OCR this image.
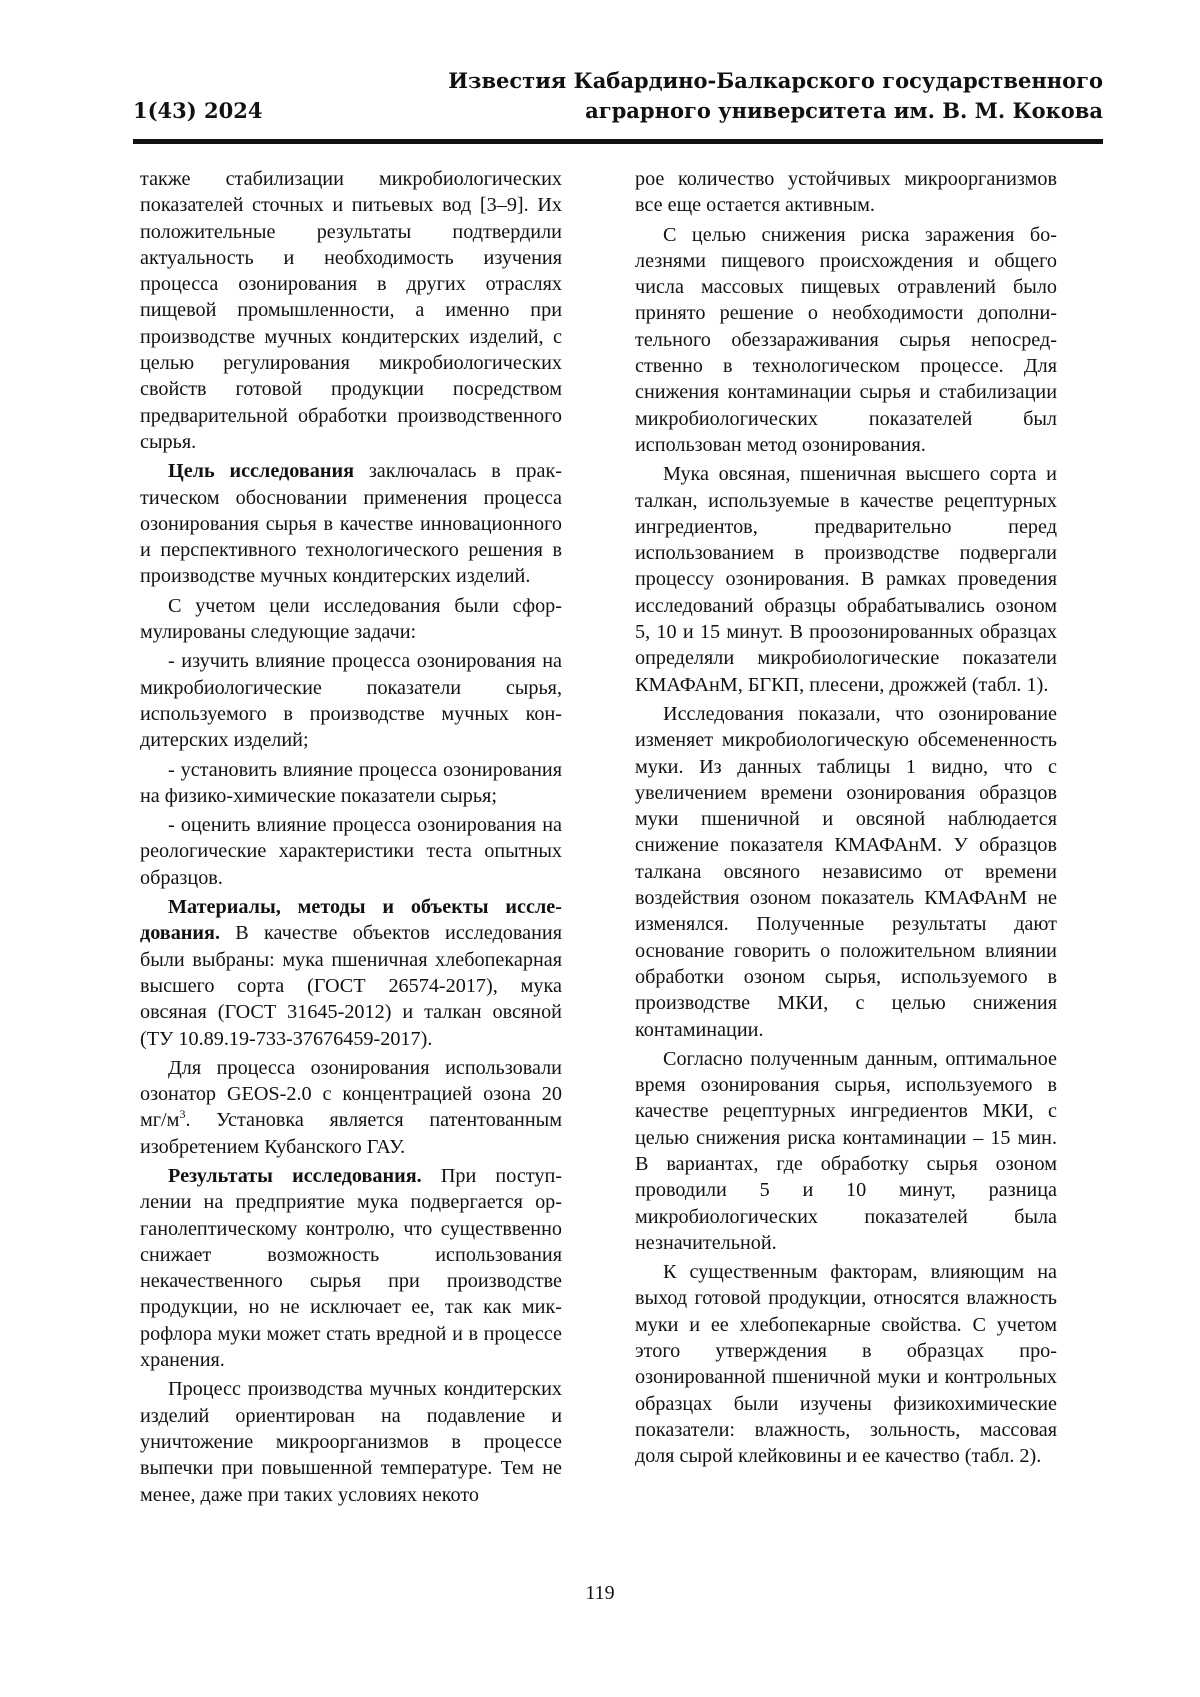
Известия Кабардино-Балкарского государственного
аграрного университета им. В. М. Кокова
1(43) 2024

также стабилизации микробиологических показателей сточных и питьевых вод [3–9]. Их положительные результаты подтвердили актуальность и необходимость изучения процесса озонирования в других отраслях пищевой промышленности, а именно при производстве мучных кондитерских изделий, с целью регулирования микробиологических свойств готовой продукции посредством предварительной обработки производственного сырья.

Цель исследования заключалась в практическом обосновании применения процесса озонирования сырья в качестве инновационного и перспективного технологического решения в производстве мучных кондитерских изделий.

С учетом цели исследования были сформулированы следующие задачи:

- изучить влияние процесса озонирования на микробиологические показатели сырья, используемого в производстве мучных кондитерских изделий;

- установить влияние процесса озонирования на физико-химические показатели сырья;

- оценить влияние процесса озонирования на реологические характеристики теста опытных образцов.

Материалы, методы и объекты исследования. В качестве объектов исследования были выбраны: мука пшеничная хлебопекарная высшего сорта (ГОСТ 26574-2017), мука овсяная (ГОСТ 31645-2012) и талкан овсяной (ТУ 10.89.19-733-37676459-2017).

Для процесса озонирования использовали озонатор GEOS-2.0 с концентрацией озона 20 $мг/м^3$. Установка является патентованным изобретением Кубанского ГАУ.

Результаты исследования. При поступлении на предприятие мука подвергается органолептическому контролю, что существвенно снижает возможность использования некачественного сырья при производстве продукции, но не исключает ее, так как микрофлора муки может стать вредной и в процессе хранения.

Процесс производства мучных кондитерских изделий ориентирован на подавление и уничтожение микроорганизмов в процессе выпечки при повышенной температуре. Тем не менее, даже при таких условиях некото

рое количество устойчивых микроорганизмов все еще остается активным.

С целью снижения риска заражения болезнями пищевого происхождения и общего числа массовых пищевых отравлений было принято решение о необходимости дополнительного обеззараживания сырья непосредственно в технологическом процессе. Для снижения контаминации сырья и стабилизации микробиологических показателей был использован метод озонирования.

Мука овсяная, пшеничная высшего сорта и талкан, используемые в качестве рецептурных ингредиентов, предварительно перед использованием в производстве подвергали процессу озонирования. В рамках проведения исследований образцы обрабатывались озоном 5, 10 и 15 минут. В проозонированных образцах определяли микробиологические показатели КМАФАнМ, БГКП, плесени, дрожжей (табл. 1).

Исследования показали, что озонирование изменяет микробиологическую обсемененность муки. Из данных таблицы 1 видно, что с увеличением времени озонирования образцов муки пшеничной и овсяной наблюдается снижение показателя КМАФАнМ. У образцов талкана овсяного независимо от времени воздействия озоном показатель КМАФАнМ не изменялся. Полученные результаты дают основание говорить о положительном влиянии обработки озоном сырья, используемого в производстве МКИ, с целью снижения контаминации.

Согласно полученным данным, оптимальное время озонирования сырья, используемого в качестве рецептурных ингредиентов МКИ, с целью снижения риска контаминации – 15 мин. В вариантах, где обработку сырья озоном проводили 5 и 10 минут, разница микробиологических показателей была незначительной.

К существенным факторам, влияющим на выход готовой продукции, относятся влажность муки и ее хлебопекарные свойства. С учетом этого утверждения в образцах проозонированной пшеничной муки и контрольных образцах были изучены физикохимические показатели: влажность, зольность, массовая доля сырой клейковины и ее качество (табл. 2).

119
